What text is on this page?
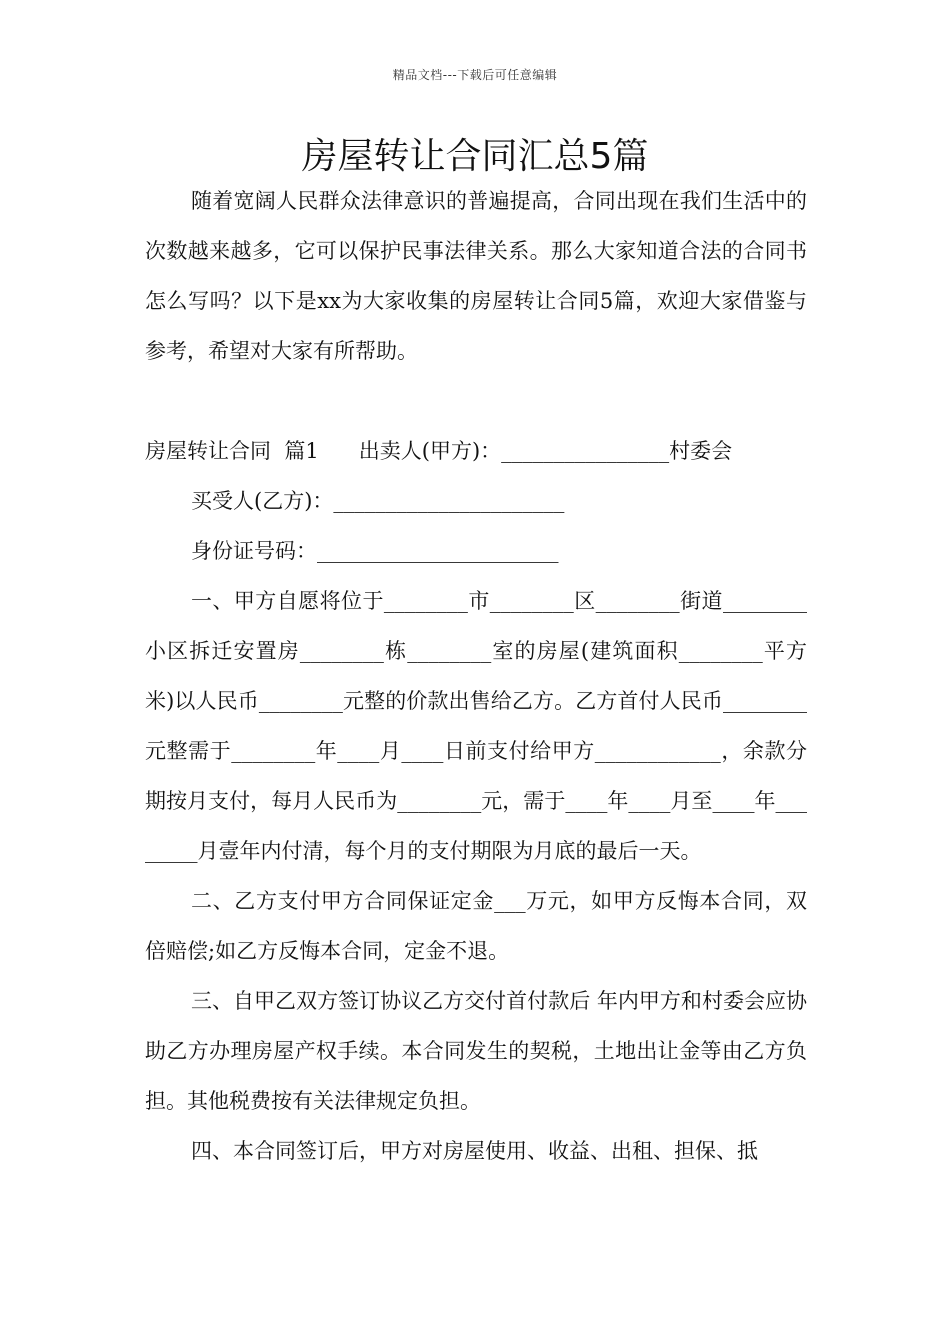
精品文档---下载后可任意编辑
房屋转让合同汇总5篇

随着宽阔人民群众法律意识的普遍提高，合同出现在我们生活中的次数越来越多，它可以保护民事法律关系。那么大家知道合法的合同书怎么写吗？以下是xx为大家收集的房屋转让合同5篇，欢迎大家借鉴与参考，希望对大家有所帮助。

房屋转让合同  篇1      出卖人(甲方)：________________村委会

买受人(乙方)：______________________

身份证号码：_______________________

一、甲方自愿将位于________市________区________街道________小区拆迁安置房________栋________室的房屋(建筑面积________平方米)以人民币________元整的价款出售给乙方。乙方首付人民币________元整需于________年____月____日前支付给甲方____________，余款分期按月支付，每月人民币为________元，需于____年____月至____年________月壹年内付清，每个月的支付期限为月底的最后一天。

二、乙方支付甲方合同保证定金___万元，如甲方反悔本合同，双倍赔偿;如乙方反悔本合同，定金不退。

三、自甲乙双方签订协议乙方交付首付款后 年内甲方和村委会应协助乙方办理房屋产权手续。本合同发生的契税，土地出让金等由乙方负担。其他税费按有关法律规定负担。

四、本合同签订后，甲方对房屋使用、收益、出租、担保、抵
